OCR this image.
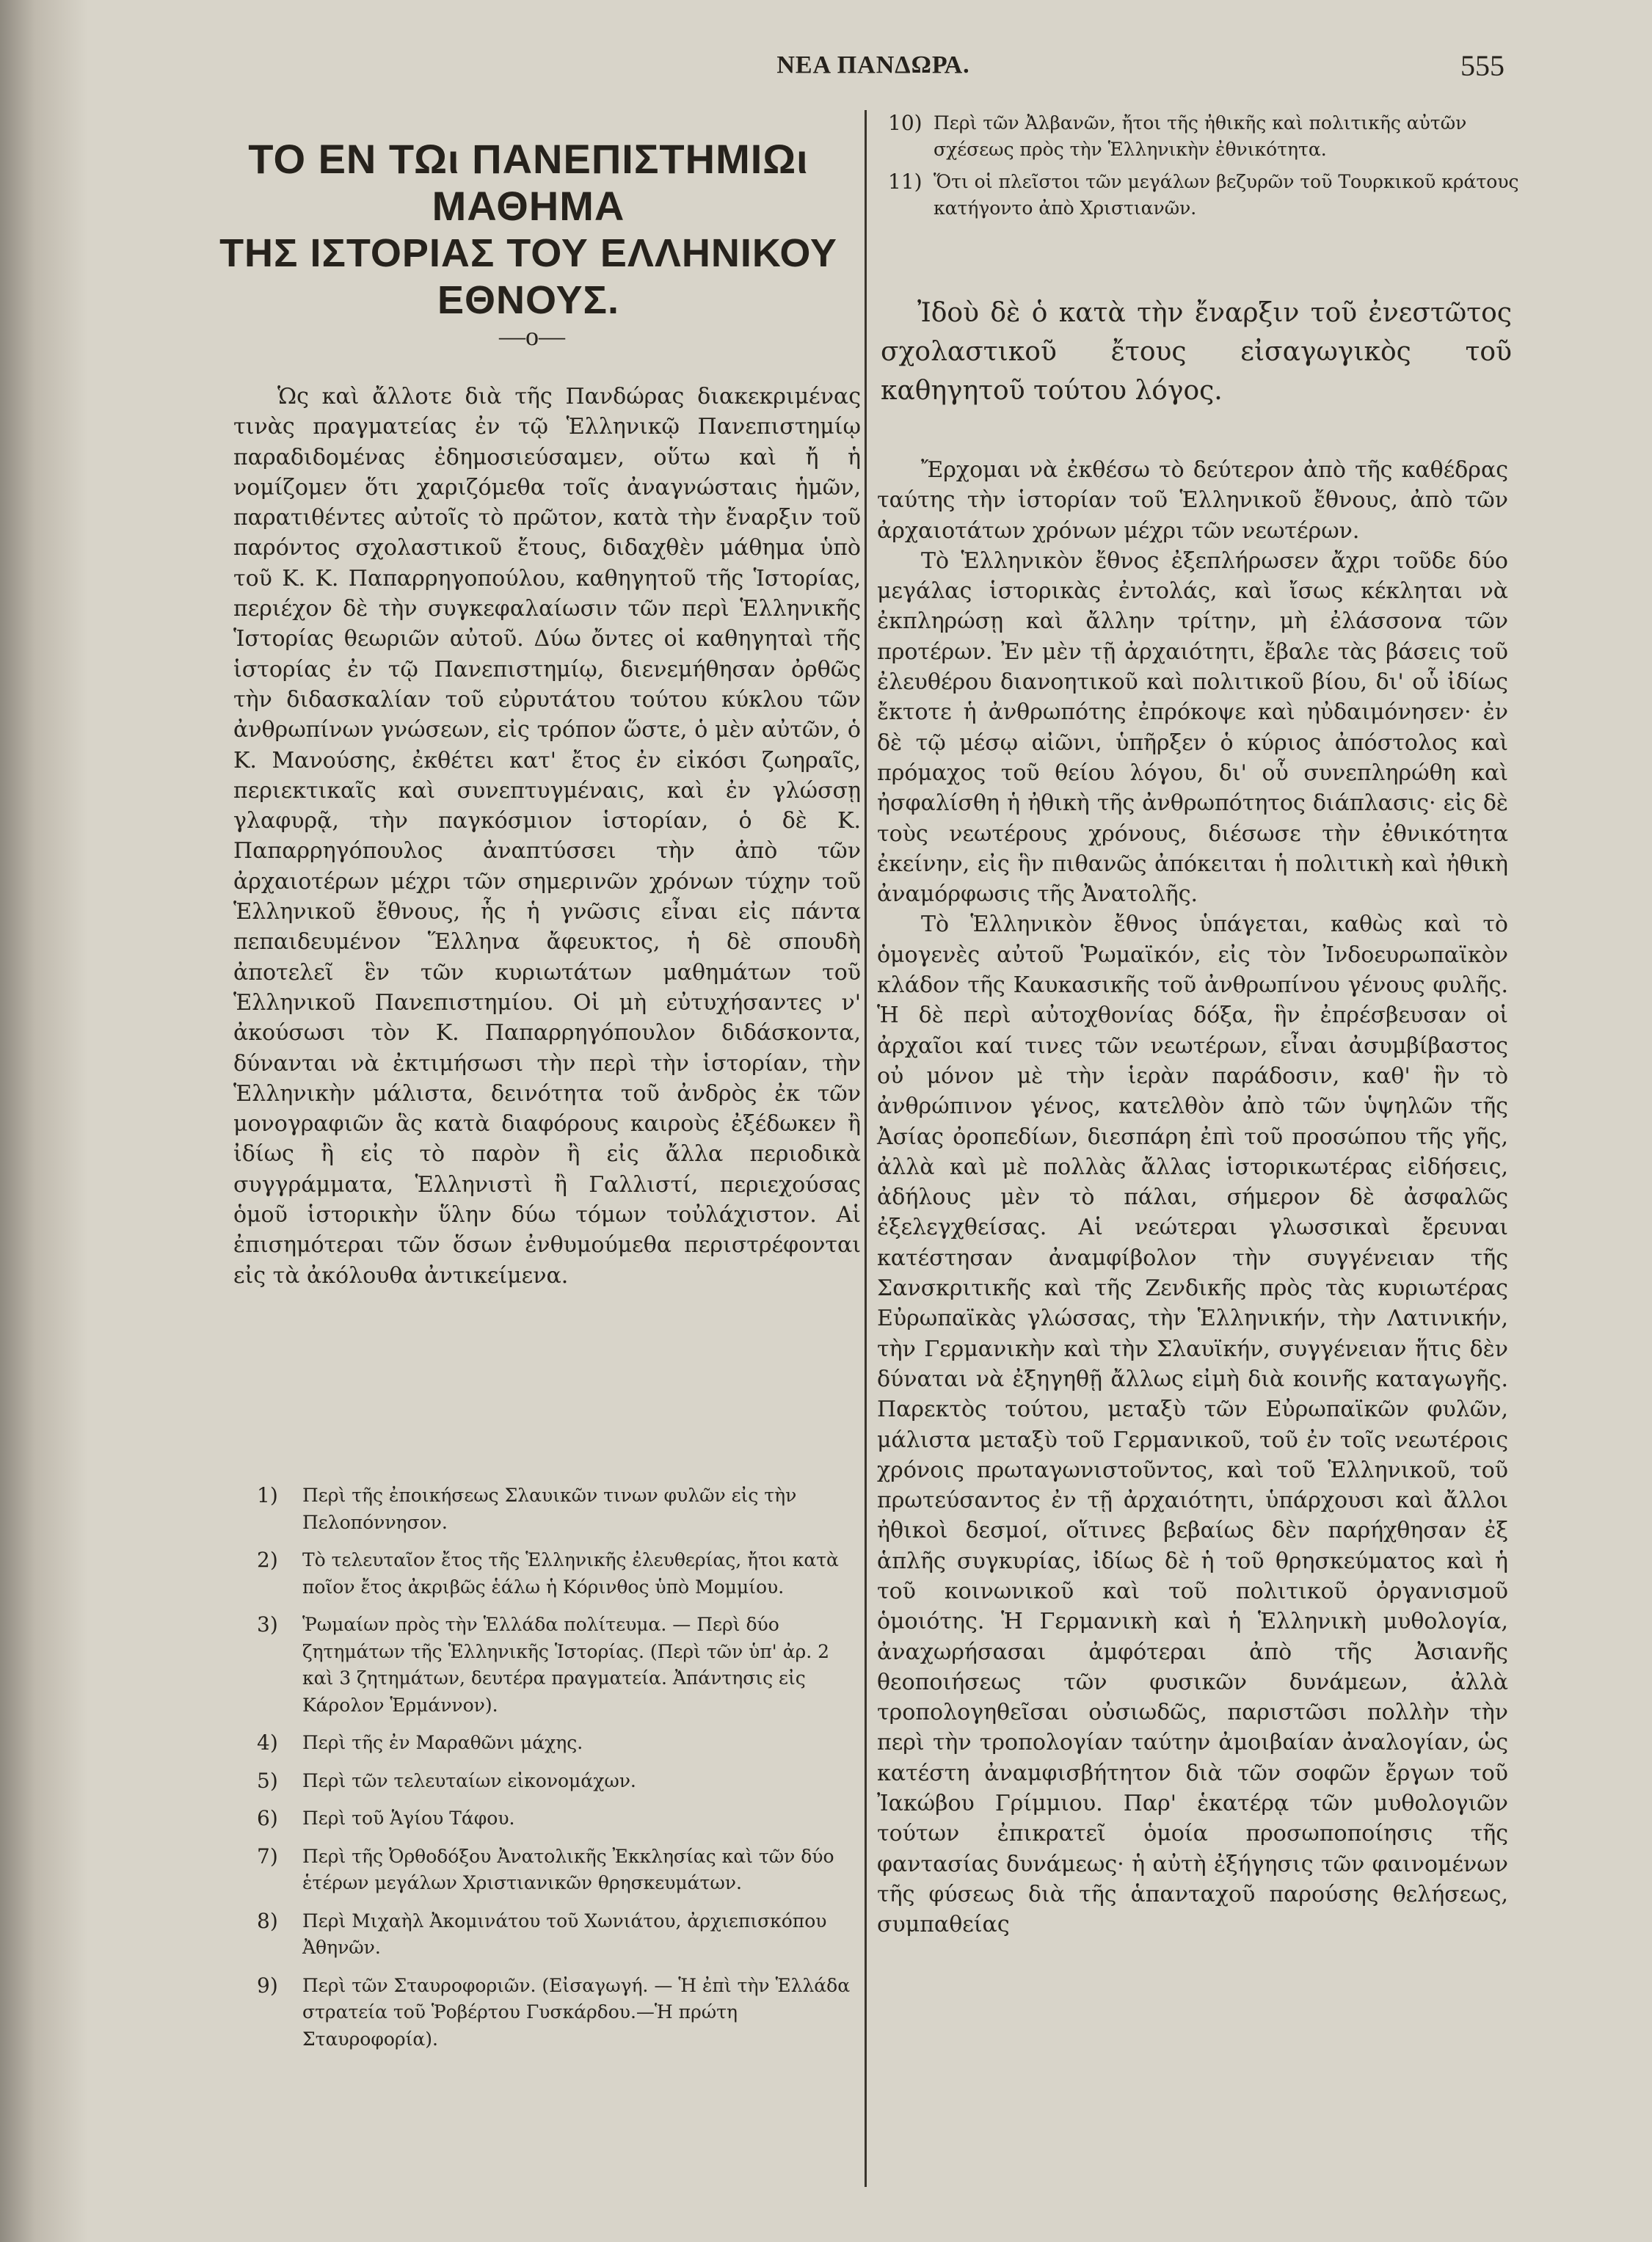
ΝΕΑ ΠΑΝΔΩΡΑ.	555
ΤΟ ΕΝ ΤΩι ΠΑΝΕΠΙΣΤΗΜΙΩι ΜΑΘΗΜΑ
ΤΗΣ ΙΣΤΟΡΙΑΣ ΤΟΥ ΕΛΛΗΝΙΚΟΥ
ΕΘΝΟΥΣ.
—ο—

Ὡς καὶ ἄλλοτε διὰ τῆς Πανδώρας διακεκριμένας τινὰς πραγματείας ἐν τῷ Ἑλληνικῷ Πανεπιστημίῳ παραδιδομένας ἐδημοσιεύσαμεν, οὕτω καὶ ἤ ἡ νομίζομεν ὅτι χαριζόμεθα τοῖς ἀναγνώσταις ἡμῶν, παρατιθέντες αὐτοῖς τὸ πρῶτον, κατὰ τὴν ἔναρξιν τοῦ παρόντος σχολαστικοῦ ἔτους, διδαχθὲν μάθημα ὑπὸ τοῦ Κ. Κ. Παπαρρηγοπούλου, καθηγητοῦ τῆς Ἱστορίας, περιέχον δὲ τὴν συγκεφαλαίωσιν τῶν περὶ Ἑλληνικῆς Ἱστορίας θεωριῶν αὐτοῦ. Δύω ὄντες οἱ καθηγηταὶ τῆς ἱστορίας ἐν τῷ Πανεπιστημίῳ, διενεμήθησαν ὀρθῶς τὴν διδασκαλίαν τοῦ εὐρυτάτου τούτου κύκλου τῶν ἀνθρωπίνων γνώσεων, εἰς τρόπον ὥστε, ὁ μὲν αὐτῶν, ὁ Κ. Μανούσης, ἐκθέτει κατ' ἔτος ἐν εἰκόσι ζωηραῖς, περιεκτικαῖς καὶ συνεπτυγμέναις, καὶ ἐν γλώσσῃ γλαφυρᾷ, τὴν παγκόσμιον ἱστορίαν, ὁ δὲ Κ. Παπαρρηγόπουλος ἀναπτύσσει τὴν ἀπὸ τῶν ἀρχαιοτέρων μέχρι τῶν σημερινῶν χρόνων τύχην τοῦ Ἑλληνικοῦ ἔθνους, ἧς ἡ γνῶσις εἶναι εἰς πάντα πεπαιδευμένον Ἕλληνα ἄφευκτος, ἡ δὲ σπουδὴ ἀποτελεῖ ἓν τῶν κυριωτάτων μαθημάτων τοῦ Ἑλληνικοῦ Πανεπιστημίου. Οἱ μὴ εὐτυχήσαντες ν' ἀκούσωσι τὸν Κ. Παπαρρηγόπουλον διδάσκοντα, δύνανται νὰ ἐκτιμήσωσι τὴν περὶ τὴν ἱστορίαν, τὴν Ἑλληνικὴν μάλιστα, δεινότητα τοῦ ἀνδρὸς ἐκ τῶν μονογραφιῶν ἃς κατὰ διαφόρους καιροὺς ἐξέδωκεν ἢ ἰδίως ἢ εἰς τὸ παρὸν ἢ εἰς ἄλλα περιοδικὰ συγγράμματα, Ἑλληνιστὶ ἢ Γαλλιστί, περιεχούσας ὁμοῦ ἱστορικὴν ὕλην δύω τόμων τοὐλάχιστον. Αἱ ἐπισημότεραι τῶν ὅσων ἐνθυμούμεθα περιστρέφονται εἰς τὰ ἀκόλουθα ἀντικείμενα.

1)	Περὶ τῆς ἐποικήσεως Σλαυικῶν τινων φυλῶν εἰς τὴν Πελοπόννησον.
2)	Τὸ τελευταῖον ἔτος τῆς Ἑλληνικῆς ἐλευθερίας, ἤτοι κατὰ ποῖον ἔτος ἀκριβῶς ἑάλω ἡ Κόρινθος ὑπὸ Μομμίου.
3)	Ῥωμαίων πρὸς τὴν Ἑλλάδα πολίτευμα. — Περὶ δύο ζητημάτων τῆς Ἑλληνικῆς Ἱστορίας. (Περὶ τῶν ὑπ' ἀρ. 2 καὶ 3 ζητημάτων, δευτέρα πραγματεία. Ἀπάντησις εἰς Κάρολον Ἑρμάννον).
4)	Περὶ τῆς ἐν Μαραθῶνι μάχης.
5)	Περὶ τῶν τελευταίων εἰκονομάχων.
6)	Περὶ τοῦ Ἁγίου Τάφου.
7)	Περὶ τῆς Ὀρθοδόξου Ἀνατολικῆς Ἐκκλησίας καὶ τῶν δύο ἑτέρων μεγάλων Χριστιανικῶν θρησκευμάτων.
8)	Περὶ Μιχαὴλ Ἀκομινάτου τοῦ Χωνιάτου, ἀρχιεπισκόπου Ἀθηνῶν.
9)	Περὶ τῶν Σταυροφοριῶν. (Εἰσαγωγή. — Ἡ ἐπὶ τὴν Ἑλλάδα στρατεία τοῦ Ῥοβέρτου Γυσκάρδου.—Ἡ πρώτη Σταυροφορία).
10) Περὶ τῶν Ἀλβανῶν, ἤτοι τῆς ἠθικῆς καὶ πολιτικῆς αὐτῶν σχέσεως πρὸς τὴν Ἑλληνικὴν ἐθνικότητα.
11) Ὅτι οἱ πλεῖστοι τῶν μεγάλων βεζυρῶν τοῦ Τουρκικοῦ κράτους κατήγοντο ἀπὸ Χριστιανῶν.

Ἰδοὺ δὲ ὁ κατὰ τὴν ἔναρξιν τοῦ ἐνεστῶτος σχολαστικοῦ ἔτους εἰσαγωγικὸς τοῦ καθηγητοῦ τούτου λόγος.

Ἔρχομαι νὰ ἐκθέσω τὸ δεύτερον ἀπὸ τῆς καθέδρας ταύτης τὴν ἱστορίαν τοῦ Ἑλληνικοῦ ἔθνους, ἀπὸ τῶν ἀρχαιοτάτων χρόνων μέχρι τῶν νεωτέρων.

Τὸ Ἑλληνικὸν ἔθνος ἐξεπλήρωσεν ἄχρι τοῦδε δύο μεγάλας ἱστορικὰς ἐντολάς, καὶ ἴσως κέκληται νὰ ἐκπληρώσῃ καὶ ἄλλην τρίτην, μὴ ἐλάσσονα τῶν προτέρων. Ἐν μὲν τῇ ἀρχαιότητι, ἔβαλε τὰς βάσεις τοῦ ἐλευθέρου διανοητικοῦ καὶ πολιτικοῦ βίου, δι' οὗ ἰδίως ἔκτοτε ἡ ἀνθρωπότης ἐπρόκοψε καὶ ηὐδαιμόνησεν· ἐν δὲ τῷ μέσῳ αἰῶνι, ὑπῆρξεν ὁ κύριος ἀπόστολος καὶ πρόμαχος τοῦ θείου λόγου, δι' οὗ συνεπληρώθη καὶ ἠσφαλίσθη ἡ ἠθικὴ τῆς ἀνθρωπότητος διάπλασις· εἰς δὲ τοὺς νεωτέρους χρόνους, διέσωσε τὴν ἐθνικότητα ἐκείνην, εἰς ἣν πιθανῶς ἀπόκειται ἡ πολιτικὴ καὶ ἠθικὴ ἀναμόρφωσις τῆς Ἀνατολῆς.

Τὸ Ἑλληνικὸν ἔθνος ὑπάγεται, καθὼς καὶ τὸ ὁμογενὲς αὐτοῦ Ῥωμαϊκόν, εἰς τὸν Ἰνδοευρωπαϊκὸν κλάδον τῆς Καυκασικῆς τοῦ ἀνθρωπίνου γένους φυλῆς. Ἡ δὲ περὶ αὐτοχθονίας δόξα, ἣν ἐπρέσβευσαν οἱ ἀρχαῖοι καί τινες τῶν νεωτέρων, εἶναι ἀσυμβίβαστος οὐ μόνον μὲ τὴν ἱερὰν παράδοσιν, καθ' ἣν τὸ ἀνθρώπινον γένος, κατελθὸν ἀπὸ τῶν ὑψηλῶν τῆς Ἀσίας ὀροπεδίων, διεσπάρη ἐπὶ τοῦ προσώπου τῆς γῆς, ἀλλὰ καὶ μὲ πολλὰς ἄλλας ἱστορικωτέρας εἰδήσεις, ἀδήλους μὲν τὸ πάλαι, σήμερον δὲ ἀσφαλῶς ἐξελεγχθείσας. Αἱ νεώτεραι γλωσσικαὶ ἔρευναι κατέστησαν ἀναμφίβολον τὴν συγγένειαν τῆς Σανσκριτικῆς καὶ τῆς Ζενδικῆς πρὸς τὰς κυριωτέρας Εὐρωπαϊκὰς γλώσσας, τὴν Ἑλληνικήν, τὴν Λατινικήν, τὴν Γερμανικὴν καὶ τὴν Σλαυϊκήν, συγγένειαν ἥτις δὲν δύναται νὰ ἐξηγηθῇ ἄλλως εἰμὴ διὰ κοινῆς καταγωγῆς. Παρεκτὸς τούτου, μεταξὺ τῶν Εὐρωπαϊκῶν φυλῶν, μάλιστα μεταξὺ τοῦ Γερμανικοῦ, τοῦ ἐν τοῖς νεωτέροις χρόνοις πρωταγωνιστοῦντος, καὶ τοῦ Ἑλληνικοῦ, τοῦ πρωτεύσαντος ἐν τῇ ἀρχαιότητι, ὑπάρχουσι καὶ ἄλλοι ἠθικοὶ δεσμοί, οἵτινες βεβαίως δὲν παρήχθησαν ἐξ ἁπλῆς συγκυρίας, ἰδίως δὲ ἡ τοῦ θρησκεύματος καὶ ἡ τοῦ κοινωνικοῦ καὶ τοῦ πολιτικοῦ ὀργανισμοῦ ὁμοιότης. Ἡ Γερμανικὴ καὶ ἡ Ἑλληνικὴ μυθολογία, ἀναχωρήσασαι ἀμφότεραι ἀπὸ τῆς Ἀσιανῆς θεοποιήσεως τῶν φυσικῶν δυνάμεων, ἀλλὰ τροπολογηθεῖσαι οὐσιωδῶς, παριστῶσι πολλὴν τὴν περὶ τὴν τροπολογίαν ταύτην ἀμοιβαίαν ἀναλογίαν, ὡς κατέστη ἀναμφισβήτητον διὰ τῶν σοφῶν ἔργων τοῦ Ἰακώβου Γρίμμιου. Παρ' ἑκατέρᾳ τῶν μυθολογιῶν τούτων ἐπικρατεῖ ὁμοία προσωποποίησις τῆς φαντασίας δυνάμεως· ἡ αὐτὴ ἐξήγησις τῶν φαινομένων τῆς φύσεως διὰ τῆς ἁπανταχοῦ παρούσης θελήσεως, συμπαθείας
